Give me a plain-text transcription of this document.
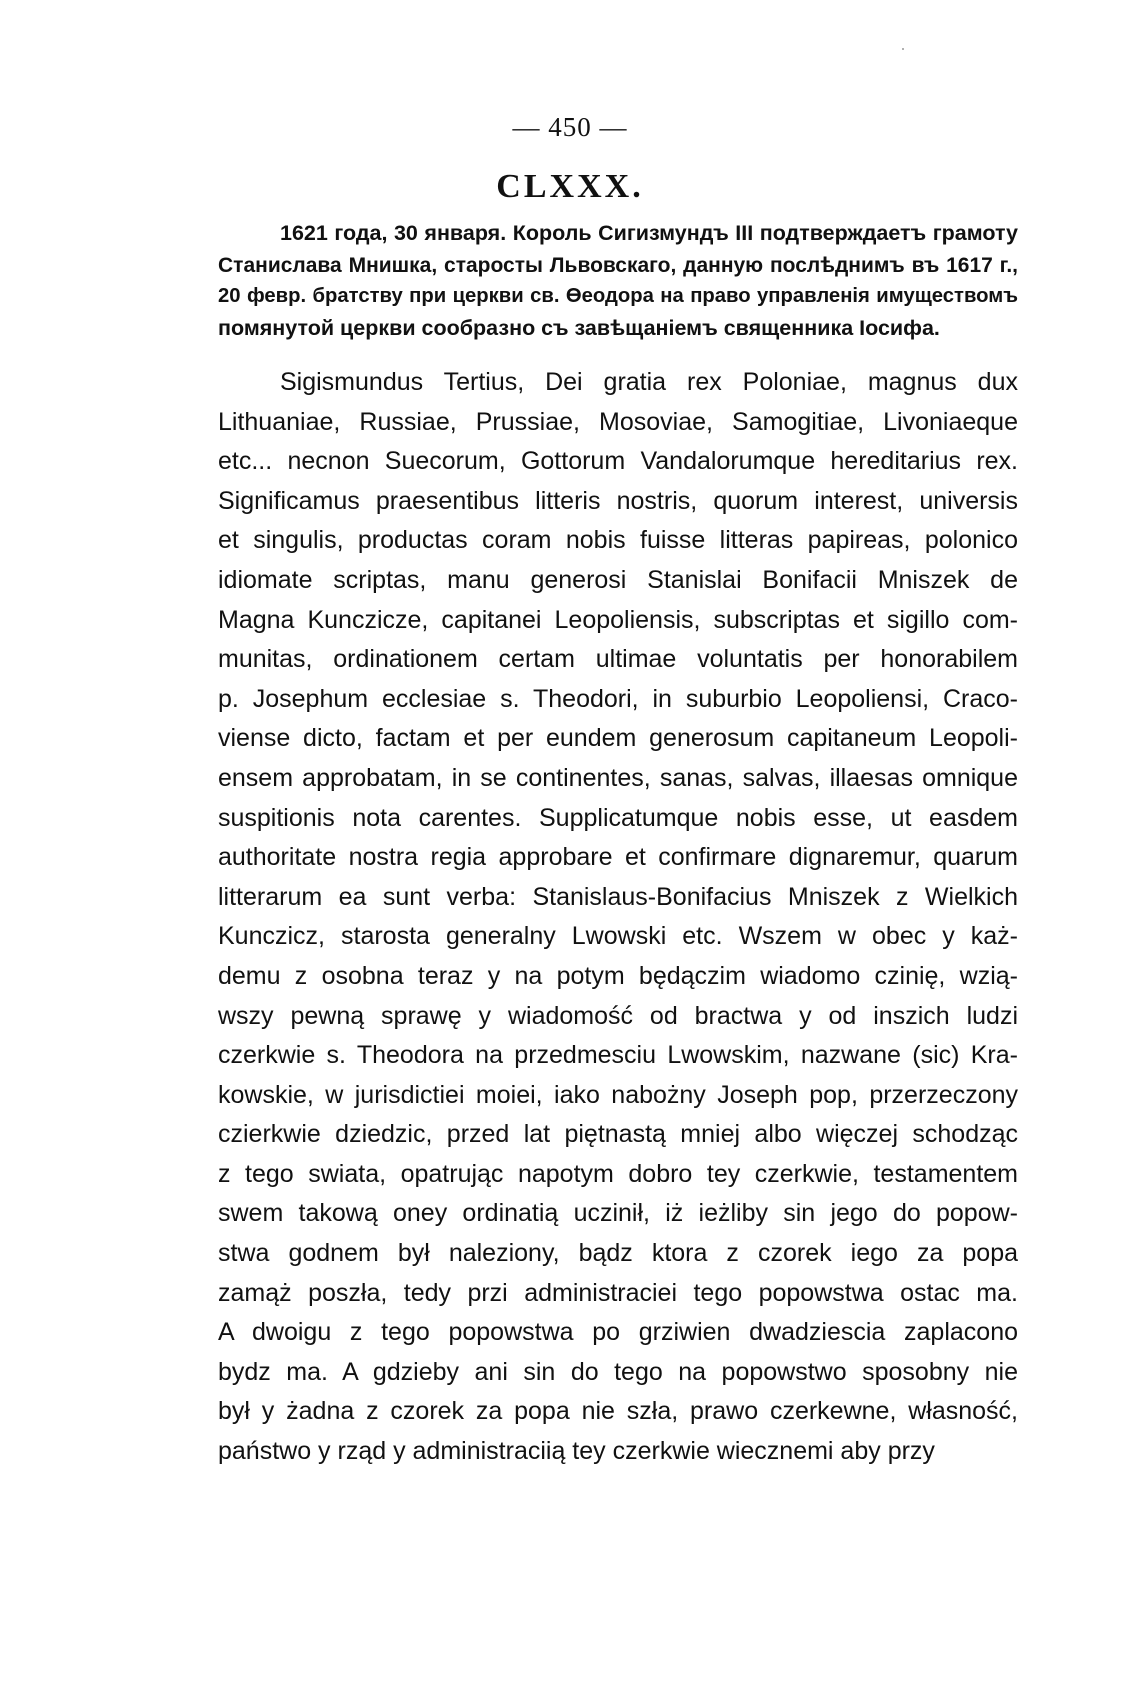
— 450 —
CLXXX.
1621 года, 30 января. Король Сигизмундъ III подтверждаетъ грамоту
Станислава Мнишка, старосты Львовскаго, данную послѣднимъ въ 1617 г.,
20 февр. братству при церкви св. Өеодора на право управленія имуществомъ
помянутой церкви сообразно съ завѣщаніемъ священника Іосифа.
Sigismundus Tertius, Dei gratia rex Poloniae, magnus dux
Lithuaniae, Russiae, Prussiae, Mosoviae, Samogitiae, Livoniaeque
etc... necnon Suecorum, Gottorum Vandalorumque hereditarius rex.
Significamus praesentibus litteris nostris, quorum interest, universis
et singulis, productas coram nobis fuisse litteras papireas, polonico
idiomate scriptas, manu generosi Stanislai Bonifacii Mniszek de
Magna Kunczicze, capitanei Leopoliensis, subscriptas et sigillo com-
munitas, ordinationem certam ultimae voluntatis per honorabilem
p. Josephum ecclesiae s. Theodori, in suburbio Leopoliensi, Craco-
viense dicto, factam et per eundem generosum capitaneum Leopoli-
ensem approbatam, in se continentes, sanas, salvas, illaesas omnique
suspitionis nota carentes. Supplicatumque nobis esse, ut easdem
authoritate nostra regia approbare et confirmare dignaremur, quarum
litterarum ea sunt verba: Stanislaus-Bonifacius Mniszek z Wielkich
Kunczicz, starosta generalny Lwowski etc. Wszem w obec y każ-
demu z osobna teraz y na potym będączim wiadomo czinię, wzią-
wszy pewną sprawę y wiadomość od bractwa y od inszich ludzi
czerkwie s. Theodora na przedmesciu Lwowskim, nazwane (sic) Kra-
kowskie, w jurisdictiei moiei, iako nabożny Joseph pop, przerzeczony
czierkwie dziedzic, przed lat piętnastą mniej albo więczej schodząc
z tego swiata, opatrując napotym dobro tey czerkwie, testamentem
swem takową oney ordinatią uczinił, iż ieżliby sin jego do popow-
stwa godnem był naleziony, bądz ktora z czorek iego za popa
zamąż poszła, tedy przi administraciei tego popowstwa ostac ma.
A dwoigu z tego popowstwa po grziwien dwadziescia zaplacono
bydz ma. A gdzieby ani sin do tego na popowstwo sposobny nie
był y żadna z czorek za popa nie szła, prawo czerkewne, własność,
państwo y rząd y administraciią tey czerkwie wiecznemi aby przy
